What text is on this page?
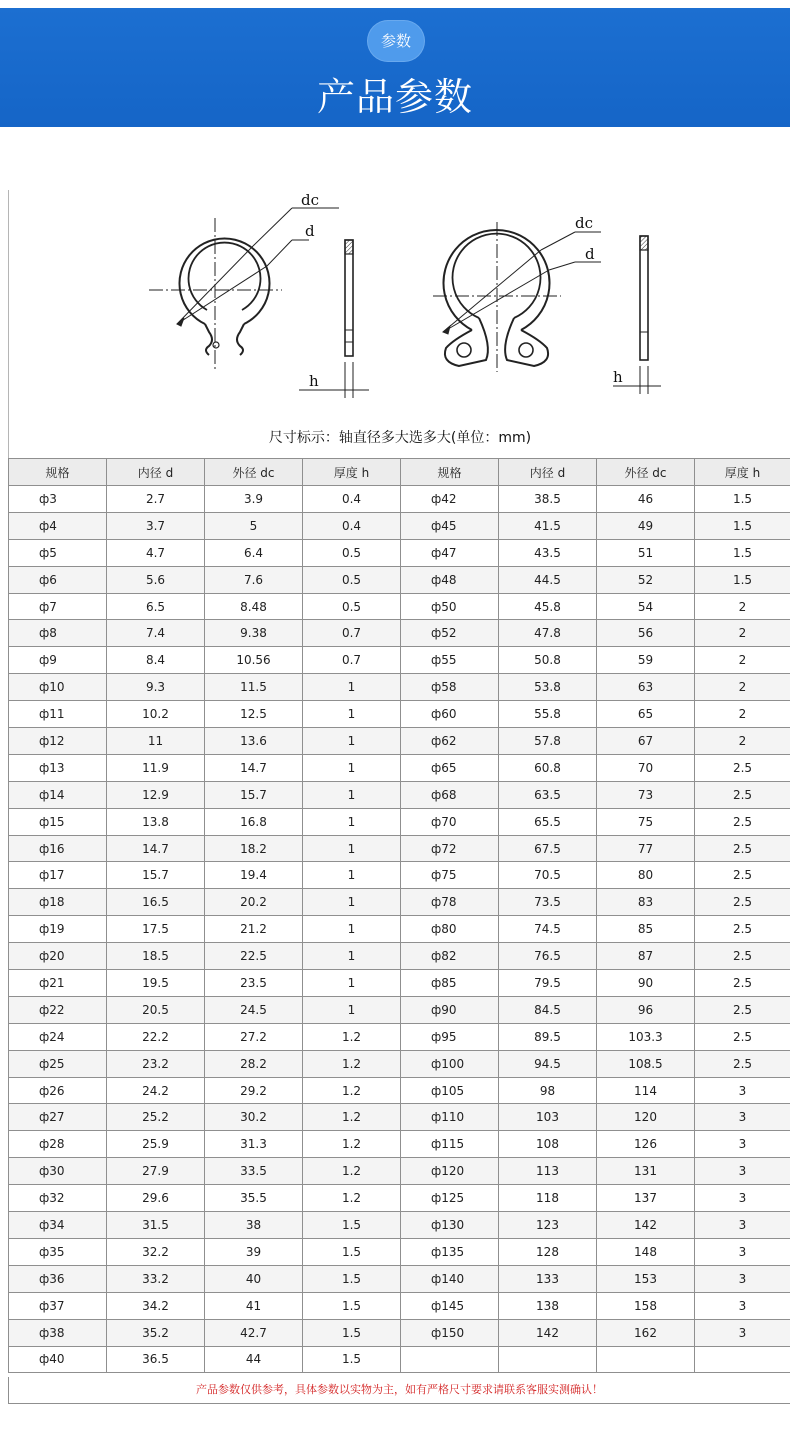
参数
产品参数
dc
d
h
dc
d
h
尺寸标示：轴直径多大选多大(单位：mm)
规格	内径 d	外径 dc	厚度 h	规格	内径 d	外径 dc	厚度 h
ф3	2.7	3.9	0.4	ф42	38.5	46	1.5
ф4	3.7	5	0.4	ф45	41.5	49	1.5
ф5	4.7	6.4	0.5	ф47	43.5	51	1.5
ф6	5.6	7.6	0.5	ф48	44.5	52	1.5
ф7	6.5	8.48	0.5	ф50	45.8	54	2
ф8	7.4	9.38	0.7	ф52	47.8	56	2
ф9	8.4	10.56	0.7	ф55	50.8	59	2
ф10	9.3	11.5	1	ф58	53.8	63	2
ф11	10.2	12.5	1	ф60	55.8	65	2
ф12	11	13.6	1	ф62	57.8	67	2
ф13	11.9	14.7	1	ф65	60.8	70	2.5
ф14	12.9	15.7	1	ф68	63.5	73	2.5
ф15	13.8	16.8	1	ф70	65.5	75	2.5
ф16	14.7	18.2	1	ф72	67.5	77	2.5
ф17	15.7	19.4	1	ф75	70.5	80	2.5
ф18	16.5	20.2	1	ф78	73.5	83	2.5
ф19	17.5	21.2	1	ф80	74.5	85	2.5
ф20	18.5	22.5	1	ф82	76.5	87	2.5
ф21	19.5	23.5	1	ф85	79.5	90	2.5
ф22	20.5	24.5	1	ф90	84.5	96	2.5
ф24	22.2	27.2	1.2	ф95	89.5	103.3	2.5
ф25	23.2	28.2	1.2	ф100	94.5	108.5	2.5
ф26	24.2	29.2	1.2	ф105	98	114	3
ф27	25.2	30.2	1.2	ф110	103	120	3
ф28	25.9	31.3	1.2	ф115	108	126	3
ф30	27.9	33.5	1.2	ф120	113	131	3
ф32	29.6	35.5	1.2	ф125	118	137	3
ф34	31.5	38	1.5	ф130	123	142	3
ф35	32.2	39	1.5	ф135	128	148	3
ф36	33.2	40	1.5	ф140	133	153	3
ф37	34.2	41	1.5	ф145	138	158	3
ф38	35.2	42.7	1.5	ф150	142	162	3
ф40	36.5	44	1.5				
产品参数仅供参考，具体参数以实物为主，如有严格尺寸要求请联系客服实测确认！
